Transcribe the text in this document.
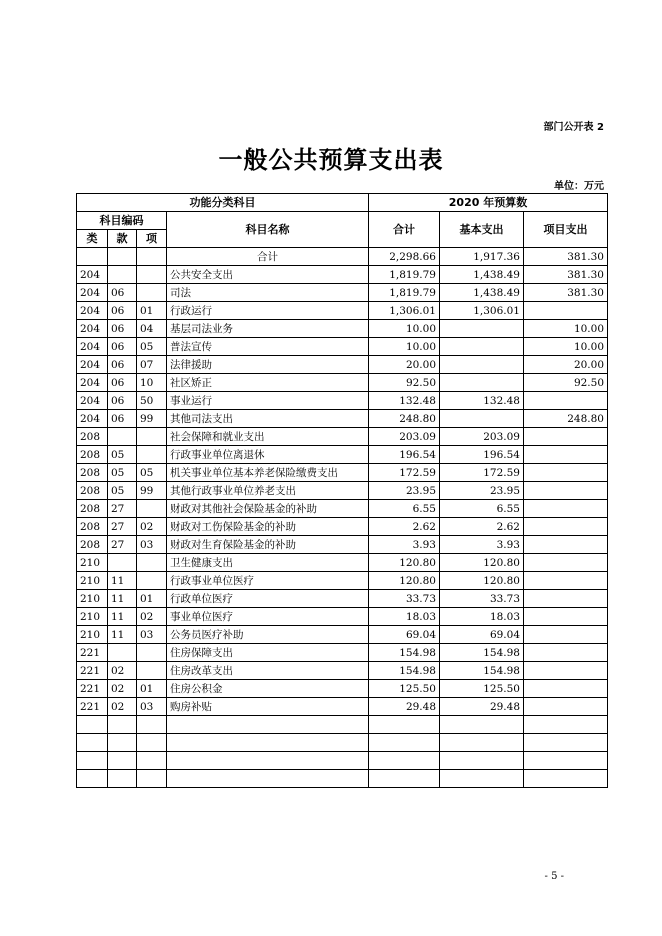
部门公开表 2
一般公共预算支出表
单位：万元
功能分类科目				2020 年预算数		
科目编码			科目名称	合计	基本支出	项目支出
类	款	项				
			合计	2,298.66	1,917.36	381.30
204			公共安全支出	1,819.79	1,438.49	381.30
204	06		司法	1,819.79	1,438.49	381.30
204	06	01	行政运行	1,306.01	1,306.01	
204	06	04	基层司法业务	10.00		10.00
204	06	05	普法宣传	10.00		10.00
204	06	07	法律援助	20.00		20.00
204	06	10	社区矫正	92.50		92.50
204	06	50	事业运行	132.48	132.48	
204	06	99	其他司法支出	248.80		248.80
208			社会保障和就业支出	203.09	203.09	
208	05		行政事业单位离退休	196.54	196.54	
208	05	05	机关事业单位基本养老保险缴费支出	172.59	172.59	
208	05	99	其他行政事业单位养老支出	23.95	23.95	
208	27		财政对其他社会保险基金的补助	6.55	6.55	
208	27	02	财政对工伤保险基金的补助	2.62	2.62	
208	27	03	财政对生育保险基金的补助	3.93	3.93	
210			卫生健康支出	120.80	120.80	
210	11		行政事业单位医疗	120.80	120.80	
210	11	01	行政单位医疗	33.73	33.73	
210	11	02	事业单位医疗	18.03	18.03	
210	11	03	公务员医疗补助	69.04	69.04	
221			住房保障支出	154.98	154.98	
221	02		住房改革支出	154.98	154.98	
221	02	01	住房公积金	125.50	125.50	
221	02	03	购房补贴	29.48	29.48	

- 5 -
